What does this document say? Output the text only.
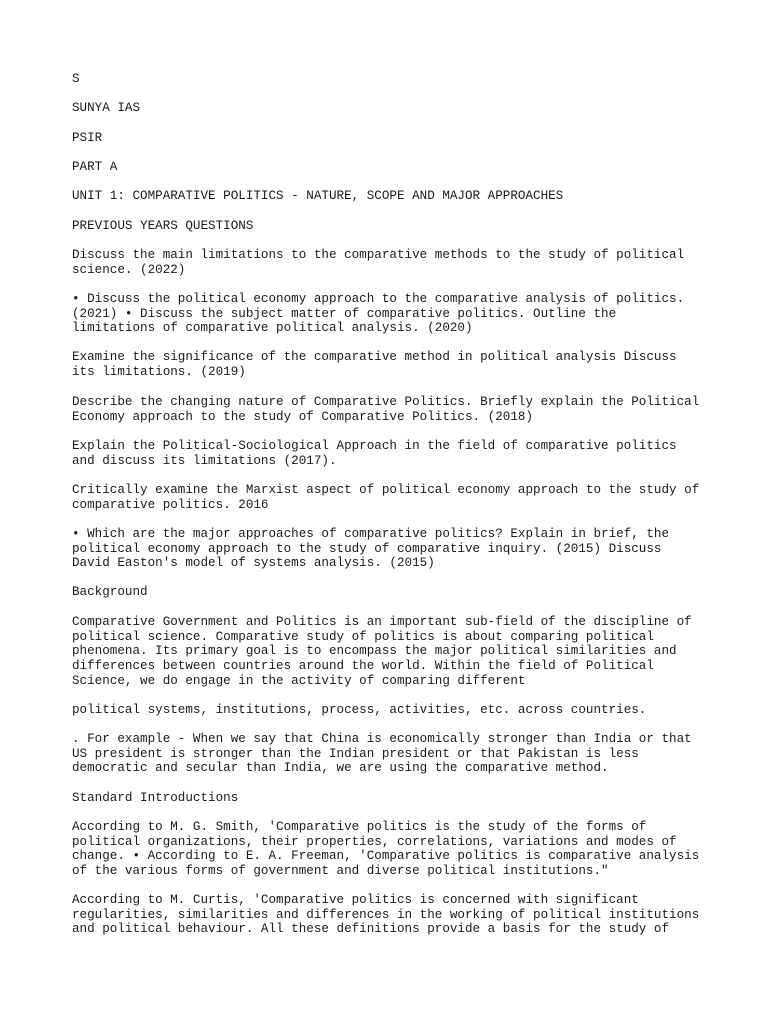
S

SUNYA IAS

PSIR

PART A

UNIT 1: COMPARATIVE POLITICS - NATURE, SCOPE AND MAJOR APPROACHES

PREVIOUS YEARS QUESTIONS

Discuss the main limitations to the comparative methods to the study of political
science. (2022)

• Discuss the political economy approach to the comparative analysis of politics.
(2021) • Discuss the subject matter of comparative politics. Outline the
limitations of comparative political analysis. (2020)

Examine the significance of the comparative method in political analysis Discuss
its limitations. (2019)

Describe the changing nature of Comparative Politics. Briefly explain the Political
Economy approach to the study of Comparative Politics. (2018)

Explain the Political-Sociological Approach in the field of comparative politics
and discuss its limitations (2017).

Critically examine the Marxist aspect of political economy approach to the study of
comparative politics. 2016

• Which are the major approaches of comparative politics? Explain in brief, the
political economy approach to the study of comparative inquiry. (2015) Discuss
David Easton's model of systems analysis. (2015)

Background

Comparative Government and Politics is an important sub-field of the discipline of
political science. Comparative study of politics is about comparing political
phenomena. Its primary goal is to encompass the major political similarities and
differences between countries around the world. Within the field of Political
Science, we do engage in the activity of comparing different

political systems, institutions, process, activities, etc. across countries.

. For example - When we say that China is economically stronger than India or that
US president is stronger than the Indian president or that Pakistan is less
democratic and secular than India, we are using the comparative method.

Standard Introductions

According to M. G. Smith, 'Comparative politics is the study of the forms of
political organizations, their properties, correlations, variations and modes of
change. • According to E. A. Freeman, 'Comparative politics is comparative analysis
of the various forms of government and diverse political institutions."

According to M. Curtis, 'Comparative politics is concerned with significant
regularities, similarities and differences in the working of political institutions
and political behaviour. All these definitions provide a basis for the study of
